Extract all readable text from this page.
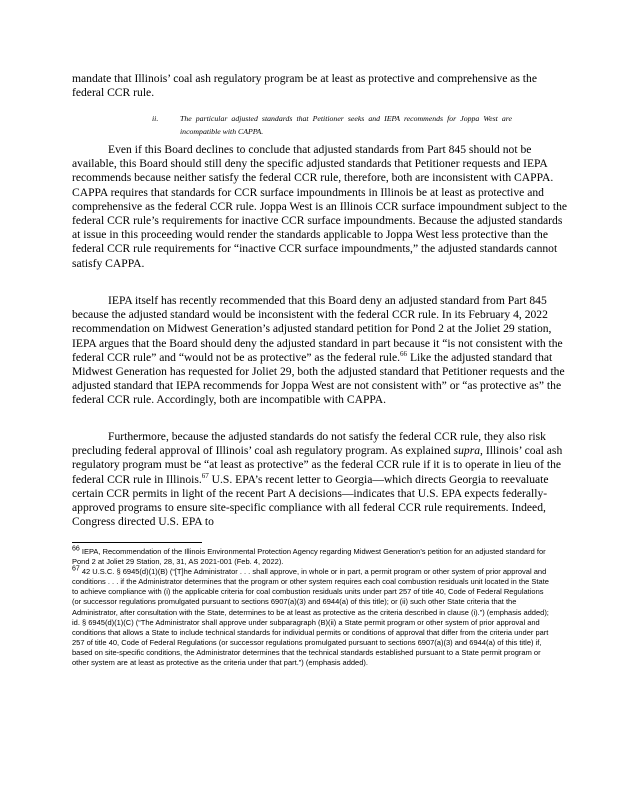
mandate that Illinois’ coal ash regulatory program be at least as protective and comprehensive as the federal CCR rule.

ii.	The particular adjusted standards that Petitioner seeks and IEPA recommends for Joppa West are incompatible with CAPPA.

Even if this Board declines to conclude that adjusted standards from Part 845 should not be available, this Board should still deny the specific adjusted standards that Petitioner requests and IEPA recommends because neither satisfy the federal CCR rule, therefore, both are inconsistent with CAPPA. CAPPA requires that standards for CCR surface impoundments in Illinois be at least as protective and comprehensive as the federal CCR rule. Joppa West is an Illinois CCR surface impoundment subject to the federal CCR rule’s requirements for inactive CCR surface impoundments. Because the adjusted standards at issue in this proceeding would render the standards applicable to Joppa West less protective than the federal CCR rule requirements for “inactive CCR surface impoundments,” the adjusted standards cannot satisfy CAPPA.

IEPA itself has recently recommended that this Board deny an adjusted standard from Part 845 because the adjusted standard would be inconsistent with the federal CCR rule. In its February 4, 2022 recommendation on Midwest Generation’s adjusted standard petition for Pond 2 at the Joliet 29 station, IEPA argues that the Board should deny the adjusted standard in part because it “is not consistent with the federal CCR rule” and “would not be as protective” as the federal rule.$^{66}$ Like the adjusted standard that Midwest Generation has requested for Joliet 29, both the adjusted standard that Petitioner requests and the adjusted standard that IEPA recommends for Joppa West are not consistent with” or “as protective as” the federal CCR rule. Accordingly, both are incompatible with CAPPA.

Furthermore, because the adjusted standards do not satisfy the federal CCR rule, they also risk precluding federal approval of Illinois’ coal ash regulatory program. As explained supra, Illinois’ coal ash regulatory program must be “at least as protective” as the federal CCR rule if it is to operate in lieu of the federal CCR rule in Illinois.$^{67}$ U.S. EPA’s recent letter to Georgia—which directs Georgia to reevaluate certain CCR permits in light of the recent Part A decisions—indicates that U.S. EPA expects federally-approved programs to ensure site-specific compliance with all federal CCR rule requirements. Indeed, Congress directed U.S. EPA to

$^{66}$ IEPA, Recommendation of the Illinois Environmental Protection Agency regarding Midwest Generation’s petition for an adjusted standard for Pond 2 at Joliet 29 Station, 28, 31, AS 2021-001 (Feb. 4, 2022).

$^{67}$ 42 U.S.C. § 6945(d)(1)(B) (“[T]he Administrator . . . shall approve, in whole or in part, a permit program or other system of prior approval and conditions . . . if the Administrator determines that the program or other system requires each coal combustion residuals unit located in the State to achieve compliance with (i) the applicable criteria for coal combustion residuals units under part 257 of title 40, Code of Federal Regulations (or successor regulations promulgated pursuant to sections 6907(a)(3) and 6944(a) of this title); or (ii) such other State criteria that the Administrator, after consultation with the State, determines to be at least as protective as the criteria described in clause (i).”) (emphasis added); id. § 6945(d)(1)(C) (“The Administrator shall approve under subparagraph (B)(ii) a State permit program or other system of prior approval and conditions that allows a State to include technical standards for individual permits or conditions of approval that differ from the criteria under part 257 of title 40, Code of Federal Regulations (or successor regulations promulgated pursuant to sections 6907(a)(3) and 6944(a) of this title) if, based on site-specific conditions, the Administrator determines that the technical standards established pursuant to a State permit program or other system are at least as protective as the criteria under that part.”) (emphasis added).
